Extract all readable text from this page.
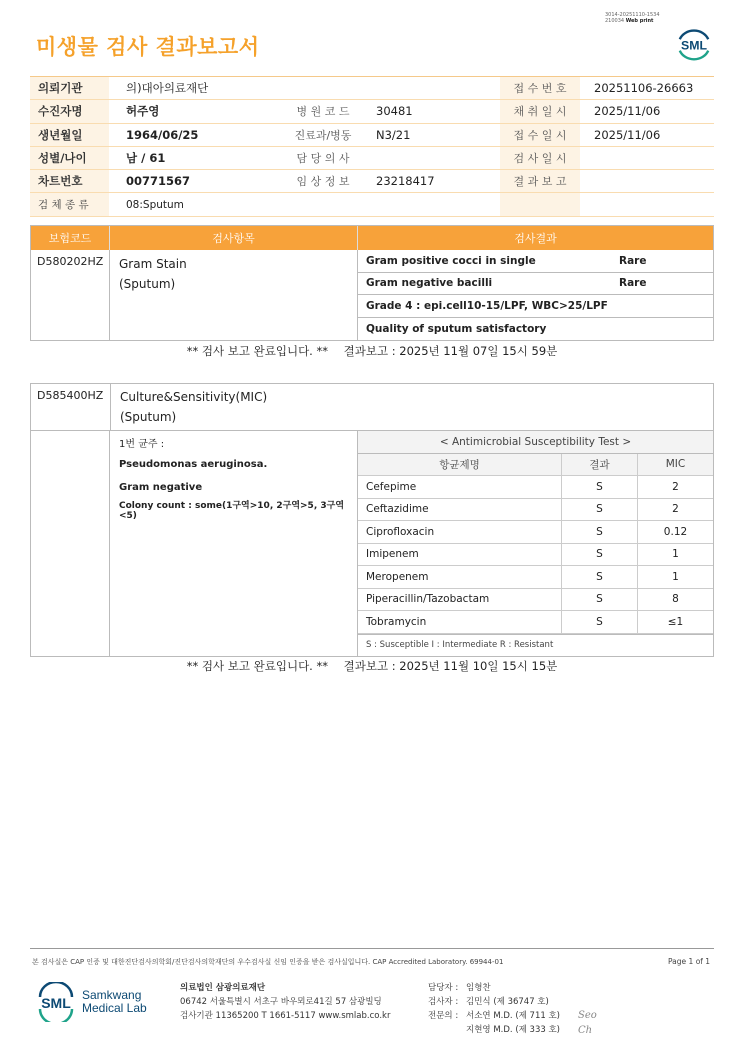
3014-20251110-1534
210034 Web print
미생물 검사 결과보고서	SML
의뢰기관	의)대아의료재단	접 수 번 호	20251106-26663
수진자명	허주영	병 원 코 드	30481	채 취 일 시	2025/11/06
생년월일	1964/06/25	진료과/병동	N3/21	접 수 일 시	2025/11/06
성별/나이	남 / 61	담 당 의 사	검 사 일 시
차트번호	00771567	임 상 정 보	23218417	결 과 보 고
검 체 종 류	08:Sputum
보험코드	검사항목	검사결과
D580202HZ	Gram Stain
(Sputum)
Gram positive cocci in single	Rare
Gram negative bacilli	Rare
Grade 4 : epi.cell10-15/LPF, WBC>25/LPF
Quality of sputum satisfactory
** 검사 보고 완료입니다. ** 결과보고 : 2025년 11월 07일 15시 59분
D585400HZ	Culture&Sensitivity(MIC)
(Sputum)
1번 균주 :
Pseudomonas aeruginosa.
Gram negative
Colony count : some(1구역>10, 2구역>5, 3구역<5)
< Antimicrobial Susceptibility Test >
항균제명	결과	MIC
Cefepime	S	2
Ceftazidime	S	2
Ciprofloxacin	S	0.12
Imipenem	S	1
Meropenem	S	1
Piperacillin/Tazobactam	S	8
Tobramycin	S	≤1
S : Susceptible I : Intermediate R : Resistant
** 검사 보고 완료입니다. ** 결과보고 : 2025년 11월 10일 15시 15분
본 검사실은 CAP 인증 및 대한진단검사의학회/진단검사의학재단의 우수검사실 신임 인증을 받은 검사실입니다. CAP Accredited Laboratory. 69944-01	Page 1 of 1
SML Samkwang
Medical Lab
의료법인 삼광의료재단
06742 서울특별시 서초구 바우뫼로41길 57 삼광빌딩
검사기관 11365200 T 1661-5117 www.smlab.co.kr
담당자 : 임형찬
검사자 : 김민식 (제 36747 호)
전문의 : 서소연 M.D. (제 711 호)
지현영 M.D. (제 333 호)
Seo
Ch
